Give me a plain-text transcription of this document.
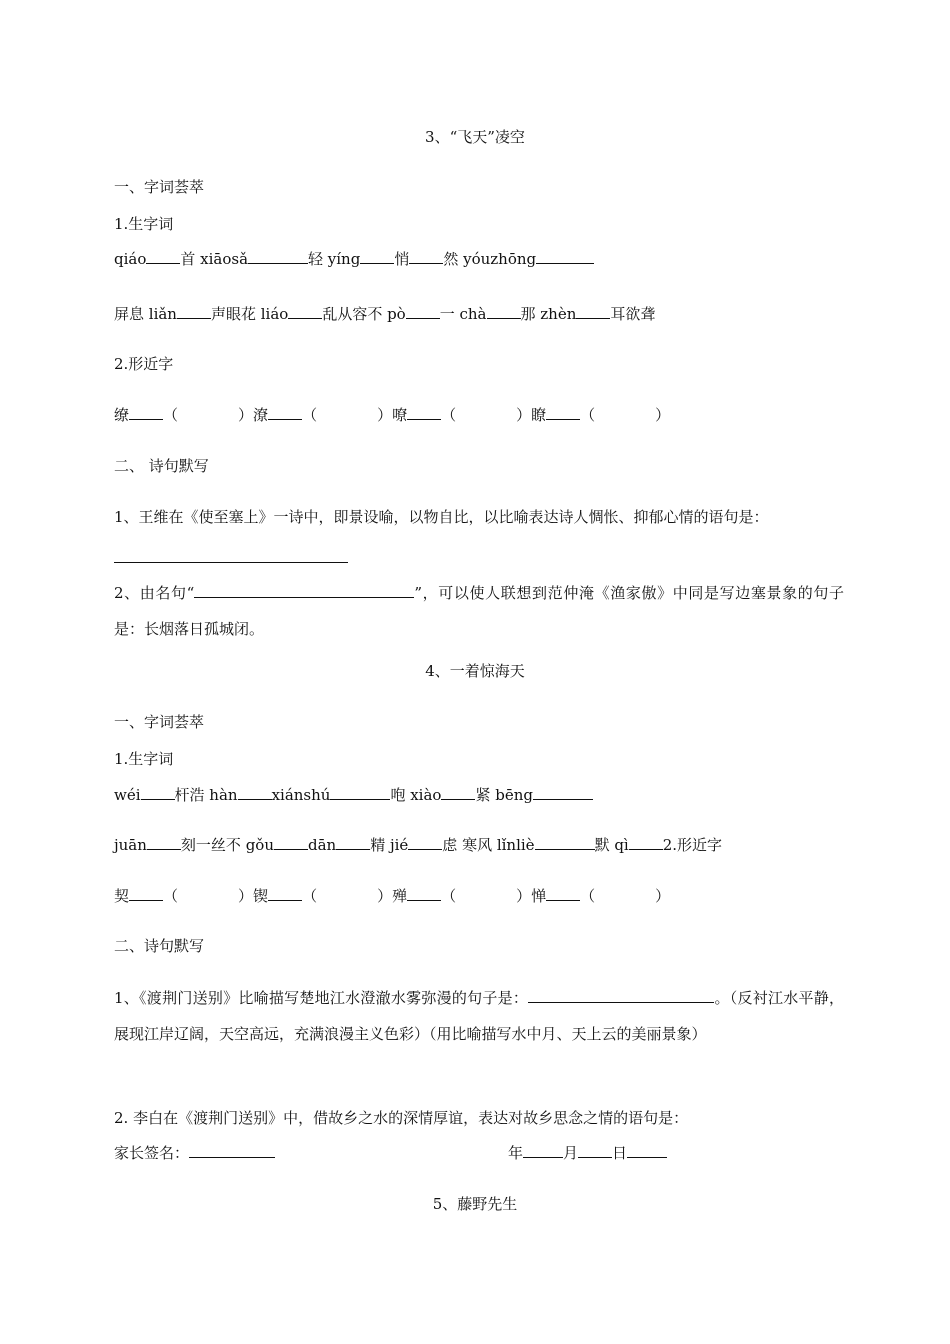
3、“飞天”凌空
一、字词荟萃
1.生字词
qiáo 首 xiāosǎ	轻 yíng 悄 然 yóuzhōng
屏息 liǎn 声眼花 liáo 乱从容不 pò 一 chà 那 zhèn 耳欲聋
2.形近字
缭 （	）潦 （	）嘹 （	）瞭 （	）
二、 诗句默写
1、王维在《使至塞上》一诗中，即景设喻，以物自比，以比喻表达诗人惆怅、抑郁心情的语句是：
2、由名句“	”，可以使人联想到范仲淹《渔家傲》中同是写边塞景象的句子是：长烟落日孤城闭。
4、一着惊海天
一、字词荟萃
1.生字词
wéi 杆浩 hàn xiánshú	咆 xiào 紧 bēng
juān 刻一丝不 gǒu dān 精 jié 虑 寒风 lǐnliè	默 qì 2.形近字
契 （	）锲 （	）殚 （	）惮 （	）
二、诗句默写
1、《渡荆门送别》比喻描写楚地江水澄澈水雾弥漫的句子是：	。（反衬江水平静，展现江岸辽阔，天空高远，充满浪漫主义色彩）（用比喻描写水中月、天上云的美丽景象）
2. 李白在《渡荆门送别》中，借故乡之水的深情厚谊，表达对故乡思念之情的语句是：
家长签名：	年	月 日
5、藤野先生
